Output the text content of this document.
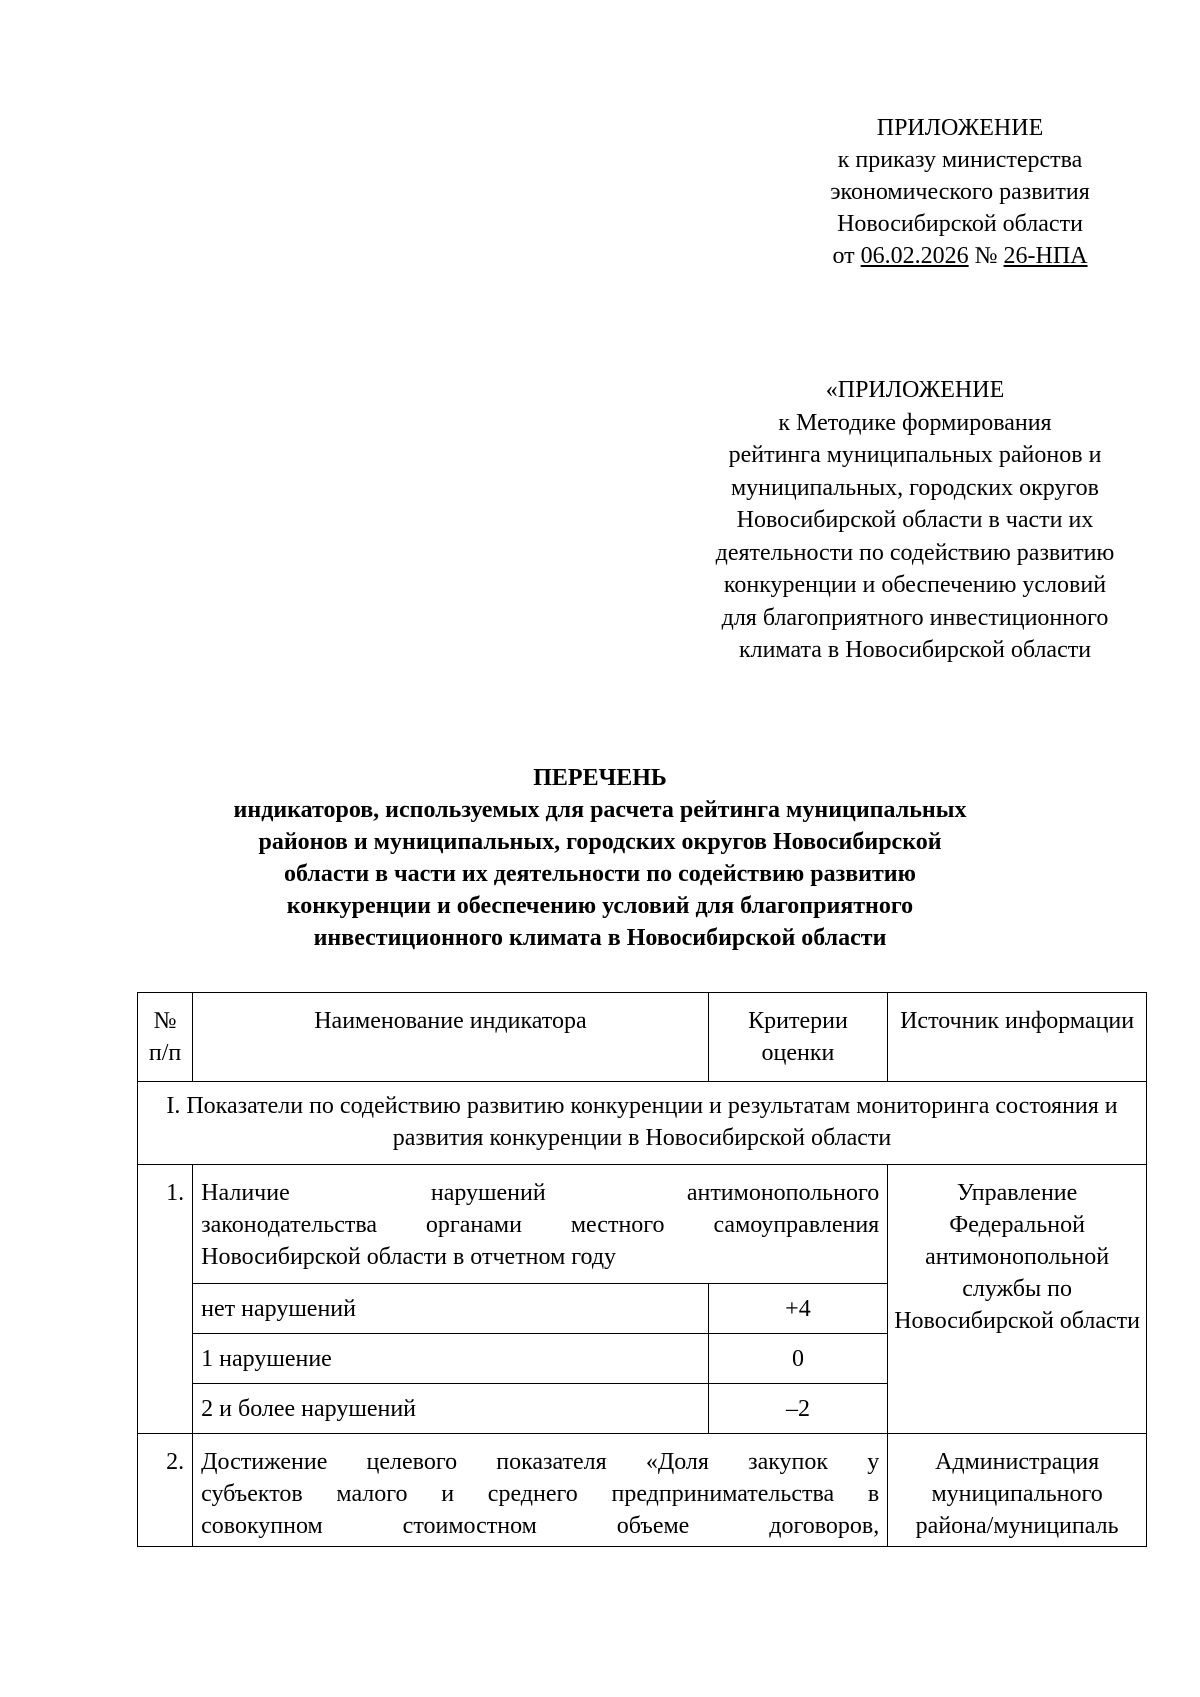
ПРИЛОЖЕНИЕ
к приказу министерства
экономического развития
Новосибирской области
от 06.02.2026 № 26-НПА
«ПРИЛОЖЕНИЕ
к Методике формирования
рейтинга муниципальных районов и
муниципальных, городских округов
Новосибирской области в части их
деятельности по содействию развитию
конкуренции и обеспечению условий
для благоприятного инвестиционного
климата в Новосибирской области
ПЕРЕЧЕНЬ
индикаторов, используемых для расчета рейтинга муниципальных
районов и муниципальных, городских округов Новосибирской
области в части их деятельности по содействию развитию
конкуренции и обеспечению условий для благоприятного
инвестиционного климата в Новосибирской области
№ п/п	Наименование индикатора	Критерии оценки	Источник информации
I. Показатели по содействию развитию конкуренции и результатам мониторинга состояния и развития конкуренции в Новосибирской области			
1.	Наличие нарушений антимонопольного
законодательства органами местного самоуправления
Новосибирской области в отчетном году		Управление Федеральной антимонопольной службы по Новосибирской области
	нет нарушений	+4	
	1 нарушение	0	
	2 и более нарушений	–2	
2.	Достижение целевого показателя «Доля закупок у
субъектов малого и среднего предпринимательства в
совокупном стоимостном объеме договоров,		Администрация муниципального района/муниципаль
